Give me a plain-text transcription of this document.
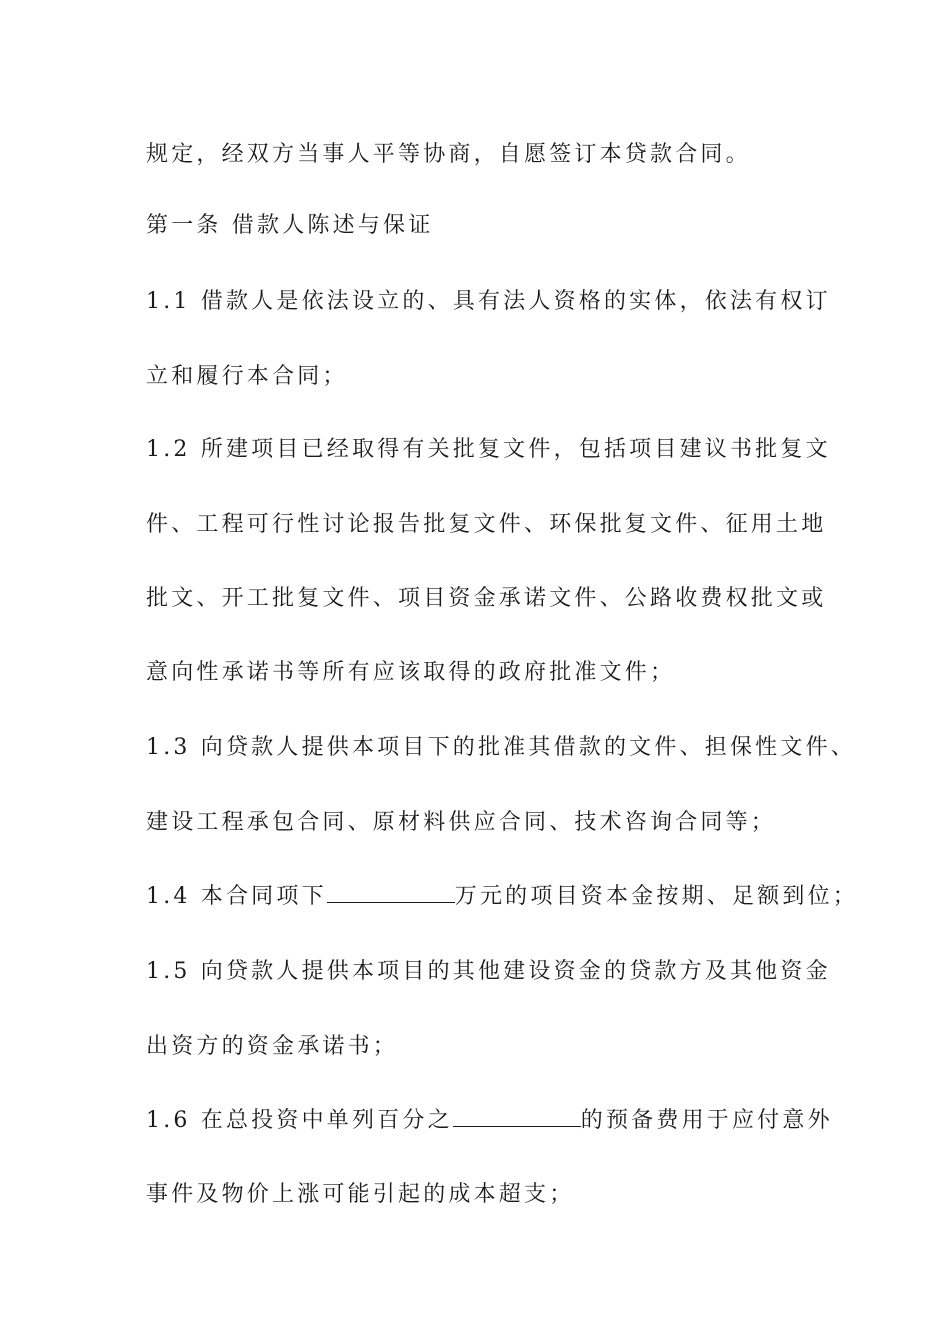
规定，经双方当事人平等协商，自愿签订本贷款合同。
第一条 借款人陈述与保证
1.1 借款人是依法设立的、具有法人资格的实体，依法有权订
立和履行本合同；
1.2 所建项目已经取得有关批复文件，包括项目建议书批复文
件、工程可行性讨论报告批复文件、环保批复文件、征用土地
批文、开工批复文件、项目资金承诺文件、公路收费权批文或
意向性承诺书等所有应该取得的政府批准文件；
1.3 向贷款人提供本项目下的批准其借款的文件、担保性文件、
建设工程承包合同、原材料供应合同、技术咨询合同等；
1.4 本合同项下	万元的项目资本金按期、足额到位；
1.5 向贷款人提供本项目的其他建设资金的贷款方及其他资金
出资方的资金承诺书；
1.6 在总投资中单列百分之	的预备费用于应付意外
事件及物价上涨可能引起的成本超支；
